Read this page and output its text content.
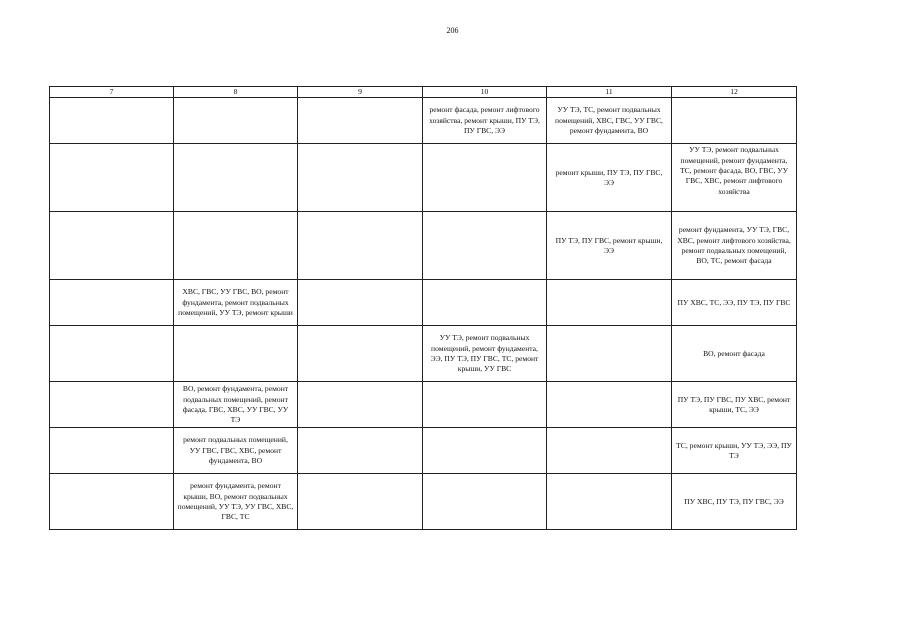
206
7	8	9	10	11	12
			ремонт фасада, ремонт лифтового хозяйства, ремонт крыши, ПУ ТЭ, ПУ ГВС, ЭЭ	УУ ТЭ, ТС, ремонт подвальных помещений, ХВС, ГВС, УУ ГВС, ремонт фундамента, ВО	
				ремонт крыши, ПУ ТЭ, ПУ ГВС, ЭЭ	УУ ТЭ, ремонт подвальных помещений, ремонт фундамента, ТС, ремонт фасада, ВО, ГВС, УУ ГВС, ХВС, ремонт лифтового хозяйства
				ПУ ТЭ, ПУ ГВС, ремонт крыши, ЭЭ	ремонт фундамента, УУ ТЭ, ГВС, ХВС, ремонт лифтового хозяйства, ремонт подвальных помещений, ВО, ТС, ремонт фасада
	ХВС, ГВС, УУ ГВС, ВО, ремонт фундамента, ремонт подвальных помещений, УУ ТЭ, ремонт крыши				ПУ ХВС, ТС, ЭЭ, ПУ ТЭ, ПУ ГВС
			УУ ТЭ, ремонт подвальных помещений, ремонт фундамента, ЭЭ, ПУ ТЭ, ПУ ГВС, ТС, ремонт крыши, УУ ГВС		ВО, ремонт фасада
	ВО, ремонт фундамента, ремонт подвальных помещений, ремонт фасада, ГВС, ХВС, УУ ГВС, УУ ТЭ				ПУ ТЭ, ПУ ГВС, ПУ ХВС, ремонт крыши, ТС, ЭЭ
	ремонт подвальных помещений, УУ ГВС, ГВС, ХВС, ремонт фундамента, ВО				ТС, ремонт крыши, УУ ТЭ, ЭЭ, ПУ ТЭ
	ремонт фундамента, ремонт крыши, ВО, ремонт подвальных помещений, УУ ТЭ, УУ ГВС, ХВС, ГВС, ТС				ПУ ХВС, ПУ ТЭ, ПУ ГВС, ЭЭ
